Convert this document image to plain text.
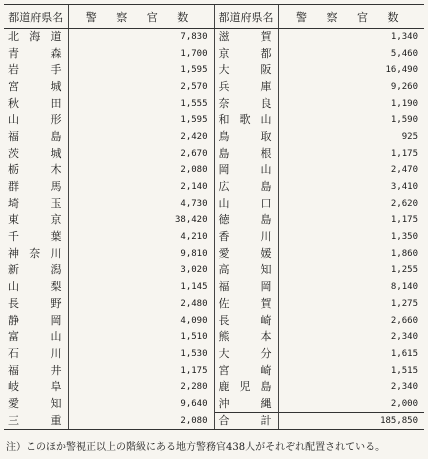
都道府県名	警 察 官 数	都道府県名	警 察 官 数
北海道	7,830	滋賀	1,340
青森	1,700	京都	5,460
岩手	1,595	大阪	16,490
宮城	2,570	兵庫	9,260
秋田	1,555	奈良	1,190
山形	1,595	和歌山	1,590
福島	2,420	鳥取	925
茨城	2,670	島根	1,175
栃木	2,080	岡山	2,470
群馬	2,140	広島	3,410
埼玉	4,730	山口	2,620
東京	38,420	徳島	1,175
千葉	4,210	香川	1,350
神奈川	9,810	愛媛	1,860
新潟	3,020	高知	1,255
山梨	1,145	福岡	8,140
長野	2,480	佐賀	1,275
静岡	4,090	長崎	2,660
富山	1,510	熊本	2,340
石川	1,530	大分	1,615
福井	1,175	宮崎	1,515
岐阜	2,280	鹿児島	2,340
愛知	9,640	沖縄	2,000
三重	2,080	合計	185,850
注）このほか警視正以上の階級にある地方警務官438人がそれぞれ配置されている。
